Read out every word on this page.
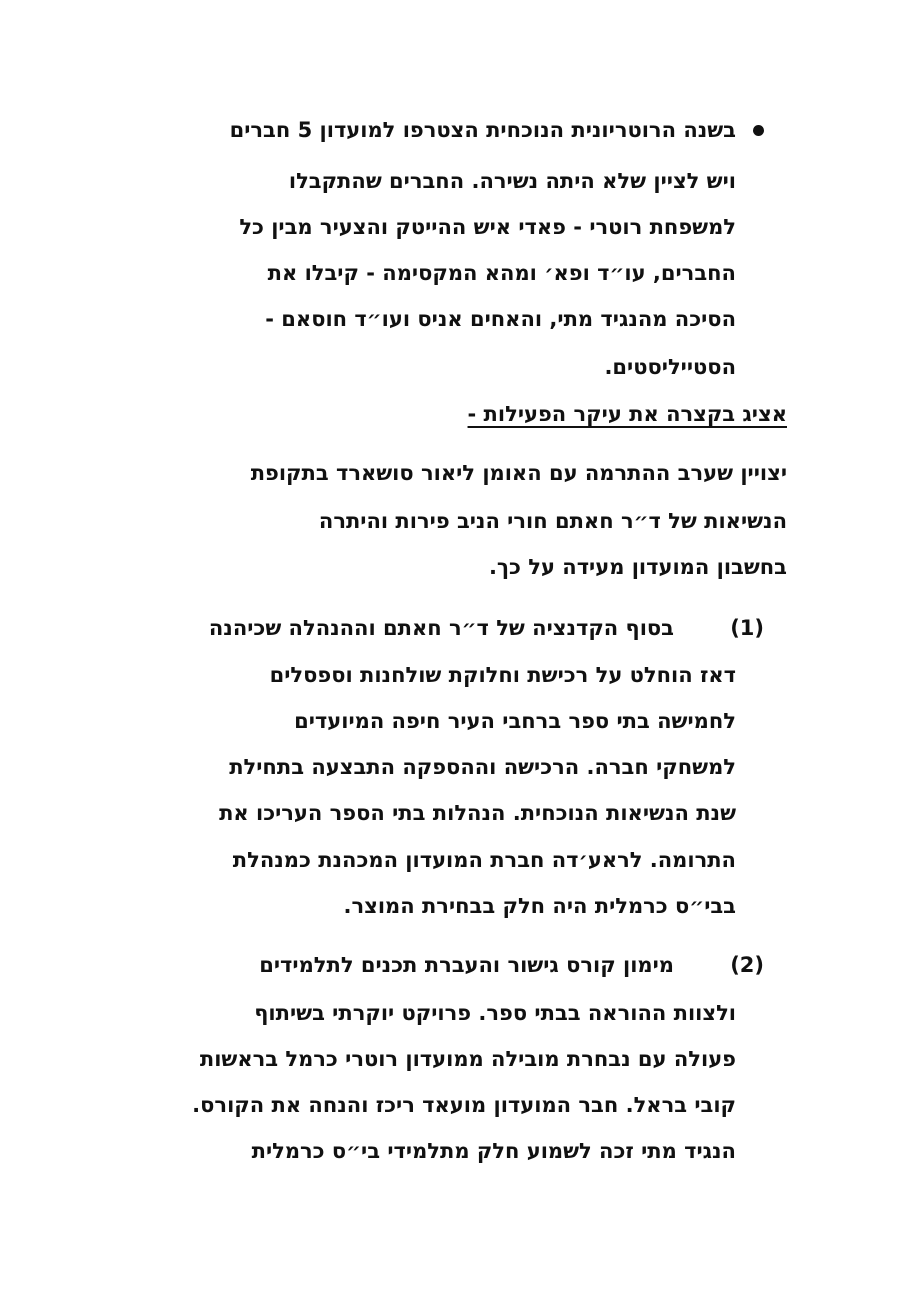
בשנה הרוטריונית הנוכחית הצטרפו למועדון 5 חברים
ויש לציין שלא היתה נשירה. החברים שהתקבלו
למשפחת רוטרי - פאדי איש ההייטק והצעיר מבין כל
החברים, עו״ד ופא׳ ומהא המקסימה - קיבלו את
הסיכה מהנגיד מתי, והאחים אניס ועו״ד חוסאם -
הסטייליסטים.
אציג בקצרה את עיקר הפעילות -
יצויין שערב ההתרמה עם האומן ליאור סושארד בתקופת
הנשיאות של ד״ר חאתם חורי הניב פירות והיתרה
בחשבון המועדון מעידה על כך.
(1)
בסוף הקדנציה של ד״ר חאתם וההנהלה שכיהנה
דאז הוחלט על רכישת וחלוקת שולחנות וספסלים
לחמישה בתי ספר ברחבי העיר חיפה המיועדים
למשחקי חברה. הרכישה וההספקה התבצעה בתחילת
שנת הנשיאות הנוכחית. הנהלות בתי הספר העריכו את
התרומה. לראע׳דה חברת המועדון המכהנת כמנהלת
בבי״ס כרמלית היה חלק בבחירת המוצר.
(2)
מימון קורס גישור והעברת תכנים לתלמידים
ולצוות ההוראה בבתי ספר. פרויקט יוקרתי בשיתוף
פעולה עם נבחרת מובילה ממועדון רוטרי כרמל בראשות
קובי בראל. חבר המועדון מועאד ריכז והנחה את הקורס.
הנגיד מתי זכה לשמוע חלק מתלמידי בי״ס כרמלית
